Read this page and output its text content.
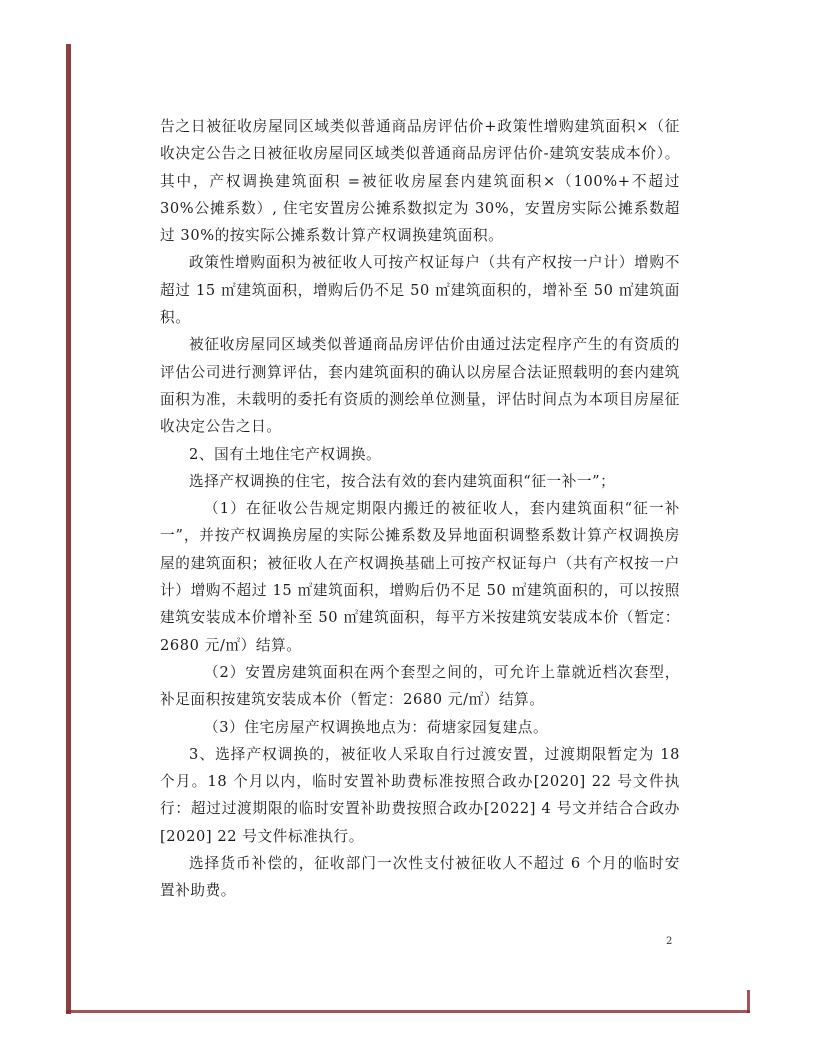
告之日被征收房屋同区域类似普通商品房评估价+政策性增购建筑面积×（征收决定公告之日被征收房屋同区域类似普通商品房评估价-建筑安装成本价）。其中，产权调换建筑面积 =被征收房屋套内建筑面积×（100%+不超过 30%公摊系数）, 住宅安置房公摊系数拟定为 30%，安置房实际公摊系数超过 30%的按实际公摊系数计算产权调换建筑面积。

政策性增购面积为被征收人可按产权证每户（共有产权按一户计）增购不超过 15 ㎡建筑面积，增购后仍不足 50 ㎡建筑面积的，增补至 50 ㎡建筑面积。

被征收房屋同区域类似普通商品房评估价由通过法定程序产生的有资质的评估公司进行测算评估，套内建筑面积的确认以房屋合法证照载明的套内建筑面积为准，未载明的委托有资质的测绘单位测量，评估时间点为本项目房屋征收决定公告之日。

2、国有土地住宅产权调换。

选择产权调换的住宅，按合法有效的套内建筑面积“征一补一”；

（1）在征收公告规定期限内搬迁的被征收人，套内建筑面积“征一补一”，并按产权调换房屋的实际公摊系数及异地面积调整系数计算产权调换房屋的建筑面积；被征收人在产权调换基础上可按产权证每户（共有产权按一户计）增购不超过 15 ㎡建筑面积，增购后仍不足 50 ㎡建筑面积的，可以按照建筑安装成本价增补至 50 ㎡建筑面积，每平方米按建筑安装成本价（暂定：2680 元/㎡）结算。

（2）安置房建筑面积在两个套型之间的，可允许上靠就近档次套型，补足面积按建筑安装成本价（暂定：2680 元/㎡）结算。

（3）住宅房屋产权调换地点为：荷塘家园复建点。

3、选择产权调换的，被征收人采取自行过渡安置，过渡期限暂定为 18 个月。18 个月以内，临时安置补助费标准按照合政办[2020] 22 号文件执行：超过过渡期限的临时安置补助费按照合政办[2022] 4 号文并结合合政办[2020] 22 号文件标准执行。

选择货币补偿的，征收部门一次性支付被征收人不超过 6 个月的临时安置补助费。

2
